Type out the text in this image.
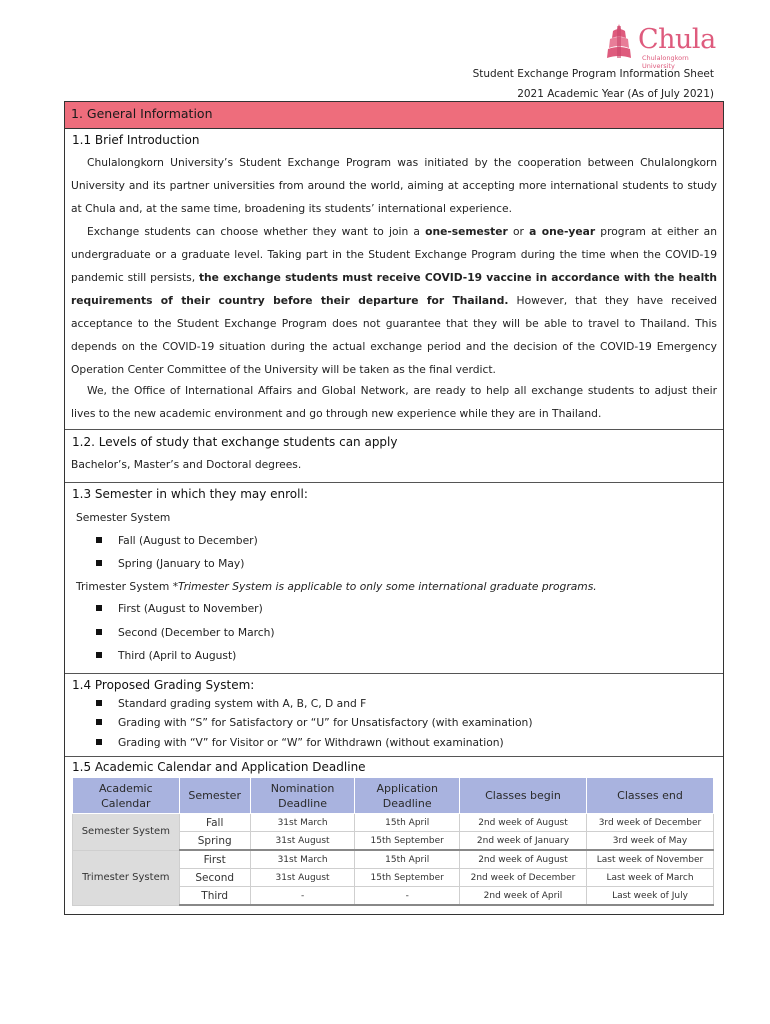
Chula
Chulalongkorn University
Student Exchange Program Information Sheet
2021 Academic Year (As of July 2021)
1. General Information
1.1 Brief Introduction
Chulalongkorn University’s Student Exchange Program was initiated by the cooperation between Chulalongkorn University and its partner universities from around the world, aiming at accepting more international students to study at Chula and, at the same time, broadening its students’ international experience.
Exchange students can choose whether they want to join a one-semester or a one-year program at either an undergraduate or a graduate level. Taking part in the Student Exchange Program during the time when the COVID-19 pandemic still persists, the exchange students must receive COVID-19 vaccine in accordance with the health requirements of their country before their departure for Thailand. However, that they have received acceptance to the Student Exchange Program does not guarantee that they will be able to travel to Thailand. This depends on the COVID-19 situation during the actual exchange period and the decision of the COVID-19 Emergency Operation Center Committee of the University will be taken as the final verdict.
We, the Office of International Affairs and Global Network, are ready to help all exchange students to adjust their lives to the new academic environment and go through new experience while they are in Thailand.
1.2. Levels of study that exchange students can apply
Bachelor’s, Master’s and Doctoral degrees.
1.3 Semester in which they may enroll:
Semester System
Fall (August to December)
Spring (January to May)
Trimester System *Trimester System is applicable to only some international graduate programs.
First (August to November)
Second (December to March)
Third (April to August)
1.4 Proposed Grading System:
Standard grading system with A, B, C, D and F
Grading with “S” for Satisfactory or “U” for Unsatisfactory (with examination)
Grading with “V” for Visitor or “W” for Withdrawn (without examination)
1.5 Academic Calendar and Application Deadline
Academic Calendar	Semester	Nomination Deadline	Application Deadline	Classes begin	Classes end
Semester System	Fall	31st March	15th April	2nd week of August	3rd week of December
	Spring	31st August	15th September	2nd week of January	3rd week of May
Trimester System	First	31st March	15th April	2nd week of August	Last week of November
	Second	31st August	15th September	2nd week of December	Last week of March
	Third	-	-	2nd week of April	Last week of July
